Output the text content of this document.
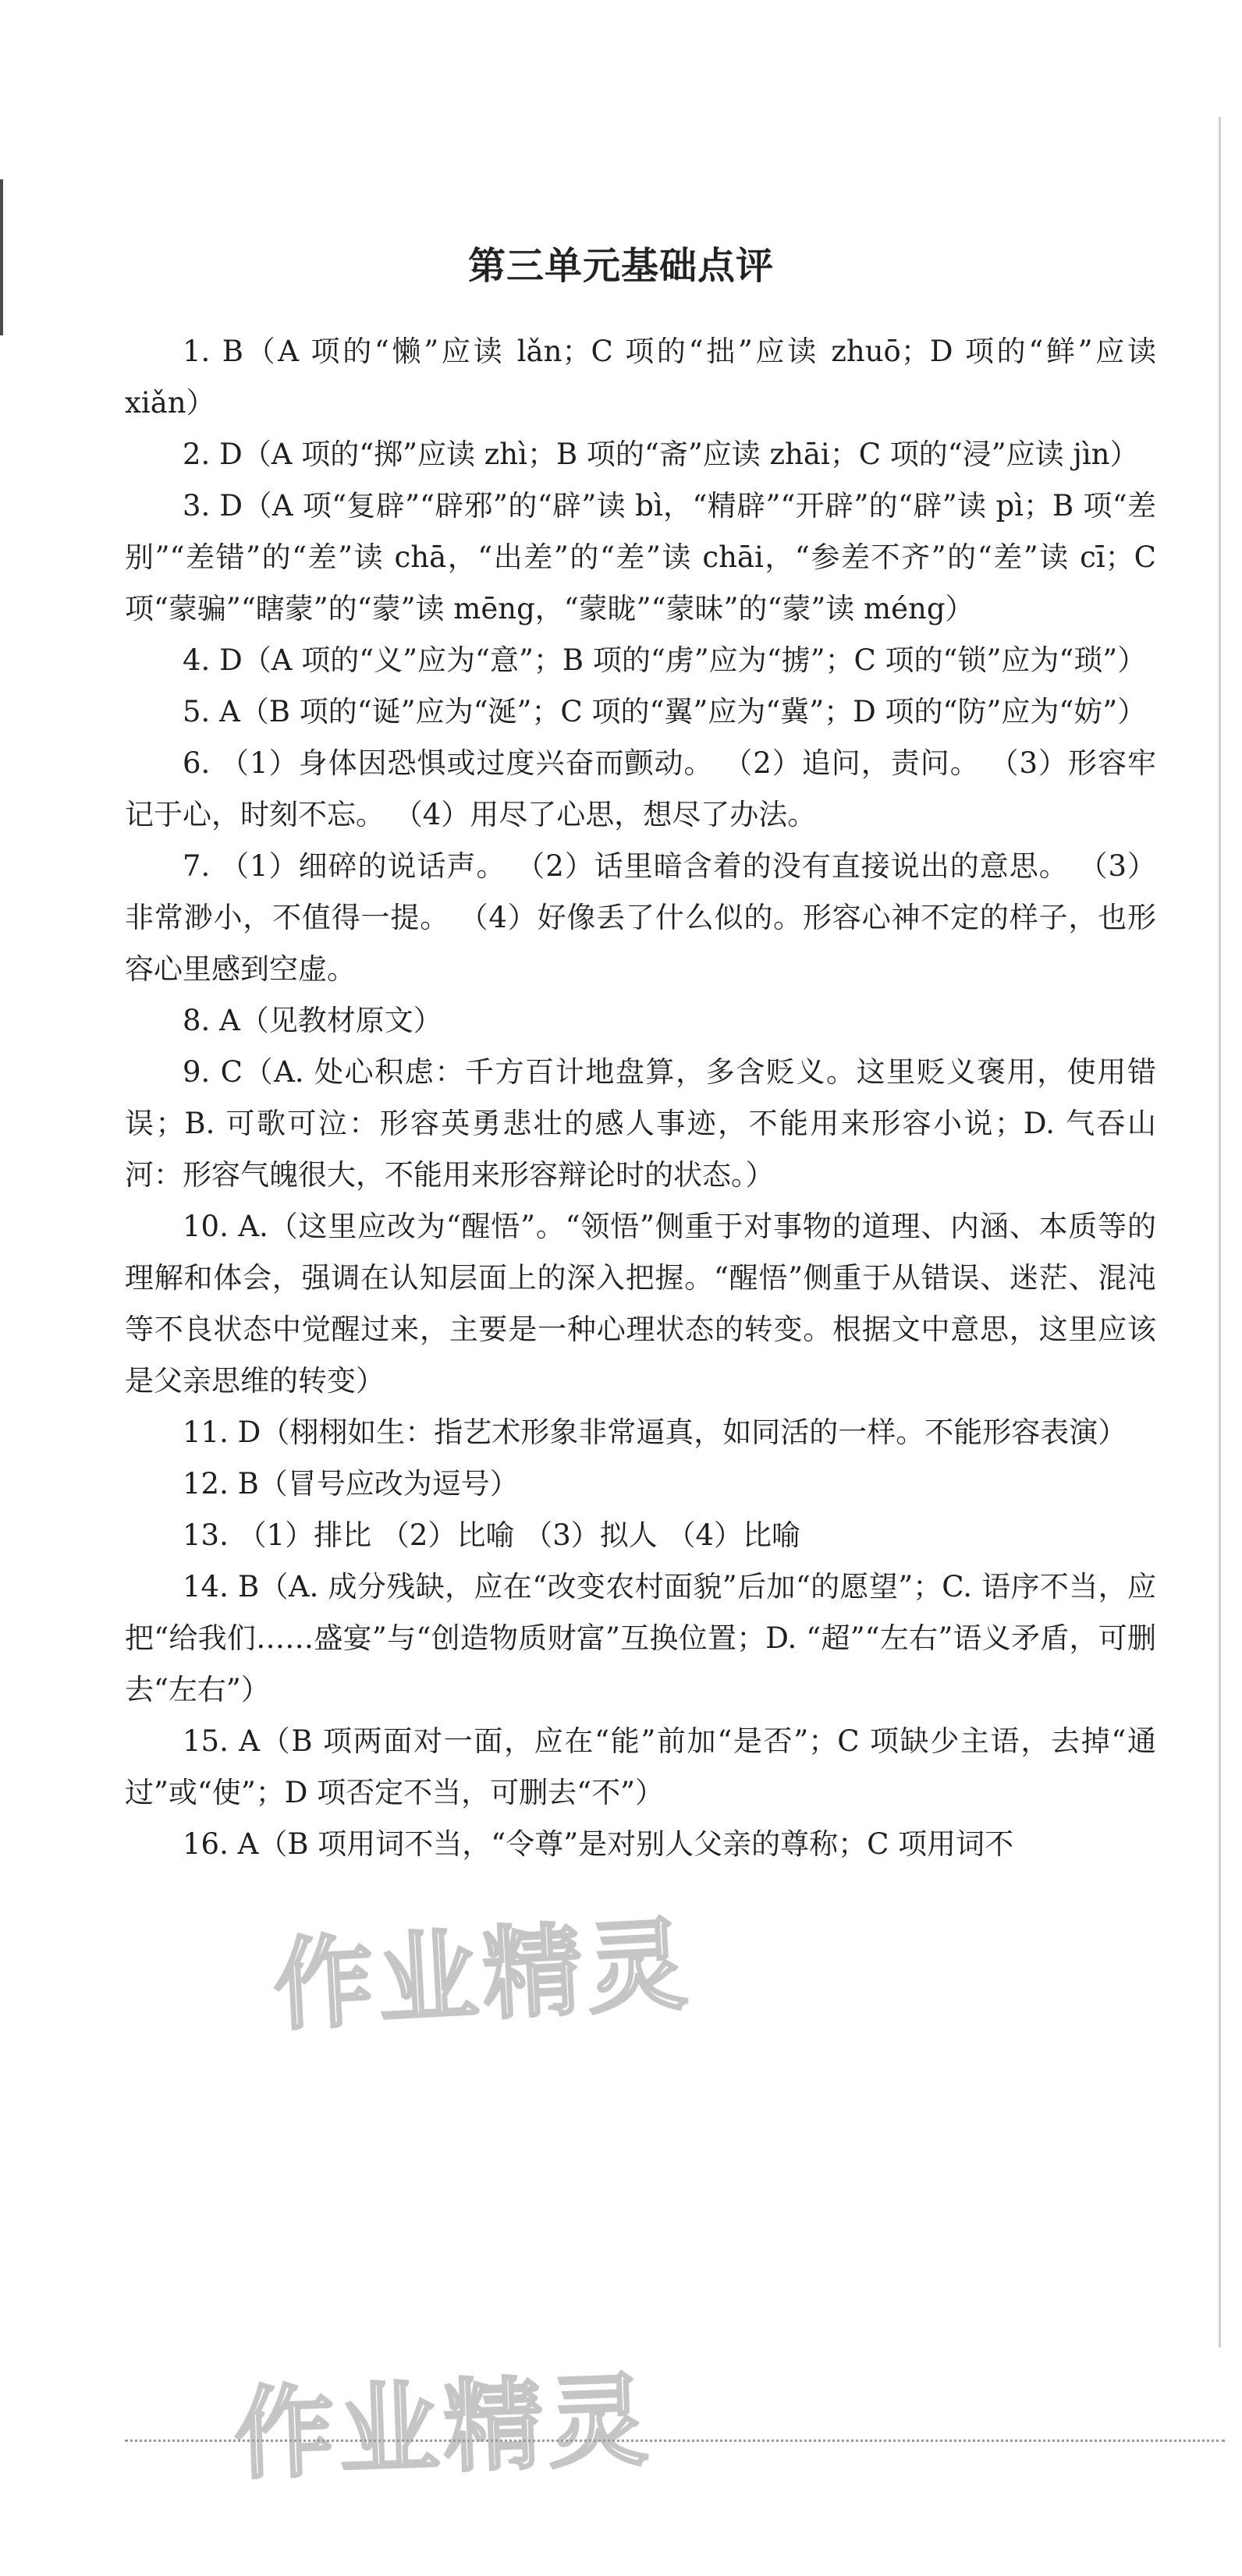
第三单元基础点评

1. B（A 项的“懒”应读 lǎn；C 项的“拙”应读 zhuō；D 项的“鲜”应读 xiǎn）

2. D（A 项的“掷”应读 zhì；B 项的“斋”应读 zhāi；C 项的“浸”应读 jìn）

3. D（A 项“复辟”“辟邪”的“辟”读 bì，“精辟”“开辟”的“辟”读 pì；B 项“差别”“差错”的“差”读 chā，“出差”的“差”读 chāi，“参差不齐”的“差”读 cī；C 项“蒙骗”“瞎蒙”的“蒙”读 mēng，“蒙眬”“蒙昧”的“蒙”读 méng）

4. D（A 项的“义”应为“意”；B 项的“虏”应为“掳”；C 项的“锁”应为“琐”）

5. A（B 项的“诞”应为“涎”；C 项的“翼”应为“冀”；D 项的“防”应为“妨”）

6. （1）身体因恐惧或过度兴奋而颤动。 （2）追问，责问。 （3）形容牢记于心，时刻不忘。 （4）用尽了心思，想尽了办法。

7. （1）细碎的说话声。 （2）话里暗含着的没有直接说出的意思。 （3）非常渺小，不值得一提。 （4）好像丢了什么似的。形容心神不定的样子，也形容心里感到空虚。

8. A（见教材原文）

9. C（A. 处心积虑：千方百计地盘算，多含贬义。这里贬义褒用，使用错误；B. 可歌可泣：形容英勇悲壮的感人事迹，不能用来形容小说；D. 气吞山河：形容气魄很大，不能用来形容辩论时的状态。）

10. A.（这里应改为“醒悟”。“领悟”侧重于对事物的道理、内涵、本质等的理解和体会，强调在认知层面上的深入把握。“醒悟”侧重于从错误、迷茫、混沌等不良状态中觉醒过来，主要是一种心理状态的转变。根据文中意思，这里应该是父亲思维的转变）

11. D（栩栩如生：指艺术形象非常逼真，如同活的一样。不能形容表演）

12. B（冒号应改为逗号）

13. （1）排比 （2）比喻 （3）拟人 （4）比喻

14. B（A. 成分残缺，应在“改变农村面貌”后加“的愿望”；C. 语序不当，应把“给我们……盛宴”与“创造物质财富”互换位置；D. “超”“左右”语义矛盾，可删去“左右”）

15. A（B 项两面对一面，应在“能”前加“是否”；C 项缺少主语，去掉“通过”或“使”；D 项否定不当，可删去“不”）

16. A（B 项用词不当，“令尊”是对别人父亲的尊称；C 项用词不

作业精灵
作业精灵
